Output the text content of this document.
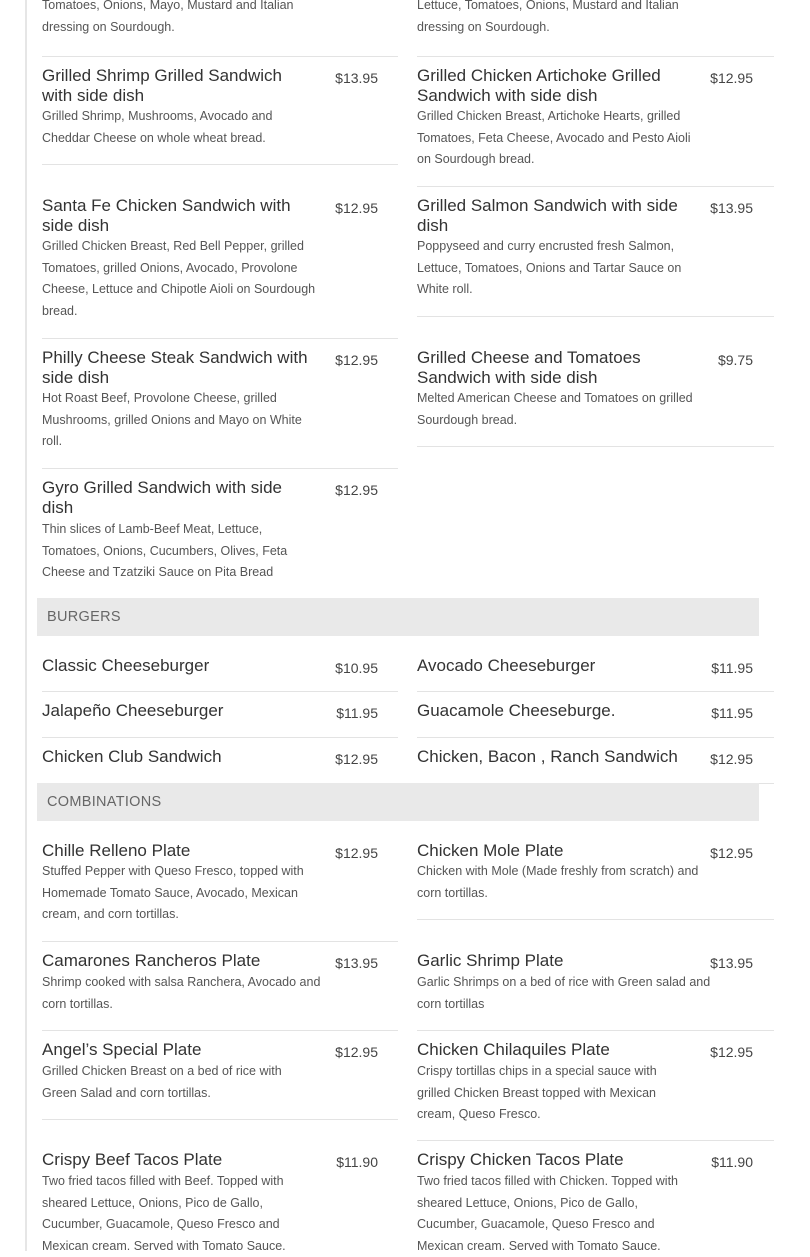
Tomatoes, Onions, Mayo, Mustard and Italian dressing on Sourdough.
Lettuce, Tomatoes, Onions, Mustard and Italian dressing on Sourdough.
Grilled Shrimp Grilled Sandwich with side dish
$13.95
Grilled Shrimp, Mushrooms, Avocado and Cheddar Cheese on whole wheat bread.
Grilled Chicken Artichoke Grilled Sandwich with side dish
$12.95
Grilled Chicken Breast, Artichoke Hearts, grilled Tomatoes, Feta Cheese, Avocado and Pesto Aioli on Sourdough bread.
Santa Fe Chicken Sandwich with side dish
$12.95
Grilled Chicken Breast, Red Bell Pepper, grilled Tomatoes, grilled Onions, Avocado, Provolone Cheese, Lettuce and Chipotle Aioli on Sourdough bread.
Grilled Salmon Sandwich with side dish
$13.95
Poppyseed and curry encrusted fresh Salmon, Lettuce, Tomatoes, Onions and Tartar Sauce on White roll.
Philly Cheese Steak Sandwich with side dish
$12.95
Hot Roast Beef, Provolone Cheese, grilled Mushrooms, grilled Onions and Mayo on White roll.
Grilled Cheese and Tomatoes Sandwich with side dish
$9.75
Melted American Cheese and Tomatoes on grilled Sourdough bread.
Gyro Grilled Sandwich with side dish
$12.95
Thin slices of Lamb-Beef Meat, Lettuce, Tomatoes, Onions, Cucumbers, Olives, Feta Cheese and Tzatziki Sauce on Pita Bread
BURGERS
Classic Cheeseburger	$10.95 Avocado Cheeseburger	$11.95
Jalapeño Cheeseburger	$11.95 Guacamole Cheeseburge.	$11.95
Chicken Club Sandwich	$12.95 Chicken, Bacon , Ranch Sandwich	$12.95
COMBINATIONS
Chille Relleno Plate	$12.95
Stuffed Pepper with Queso Fresco, topped with Homemade Tomato Sauce, Avocado, Mexican cream, and corn tortillas.
Chicken Mole Plate	$12.95
Chicken with Mole (Made freshly from scratch) and corn tortillas.
Camarones Rancheros Plate	$13.95
Shrimp cooked with salsa Ranchera, Avocado and corn tortillas.
Garlic Shrimp Plate	$13.95
Garlic Shrimps on a bed of rice with Green salad and corn tortillas
Angel’s Special Plate	$12.95
Grilled Chicken Breast on a bed of rice with Green Salad and corn tortillas.
Chicken Chilaquiles Plate	$12.95
Crispy tortillas chips in a special sauce with grilled Chicken Breast topped with Mexican cream, Queso Fresco.
Crispy Beef Tacos Plate	$11.90
Two fried tacos filled with Beef. Topped with sheared Lettuce, Onions, Pico de Gallo, Cucumber, Guacamole, Queso Fresco and Mexican cream. Served with Tomato Sauce.
Crispy Chicken Tacos Plate	$11.90
Two fried tacos filled with Chicken. Topped with sheared Lettuce, Onions, Pico de Gallo, Cucumber, Guacamole, Queso Fresco and Mexican cream. Served with Tomato Sauce.
